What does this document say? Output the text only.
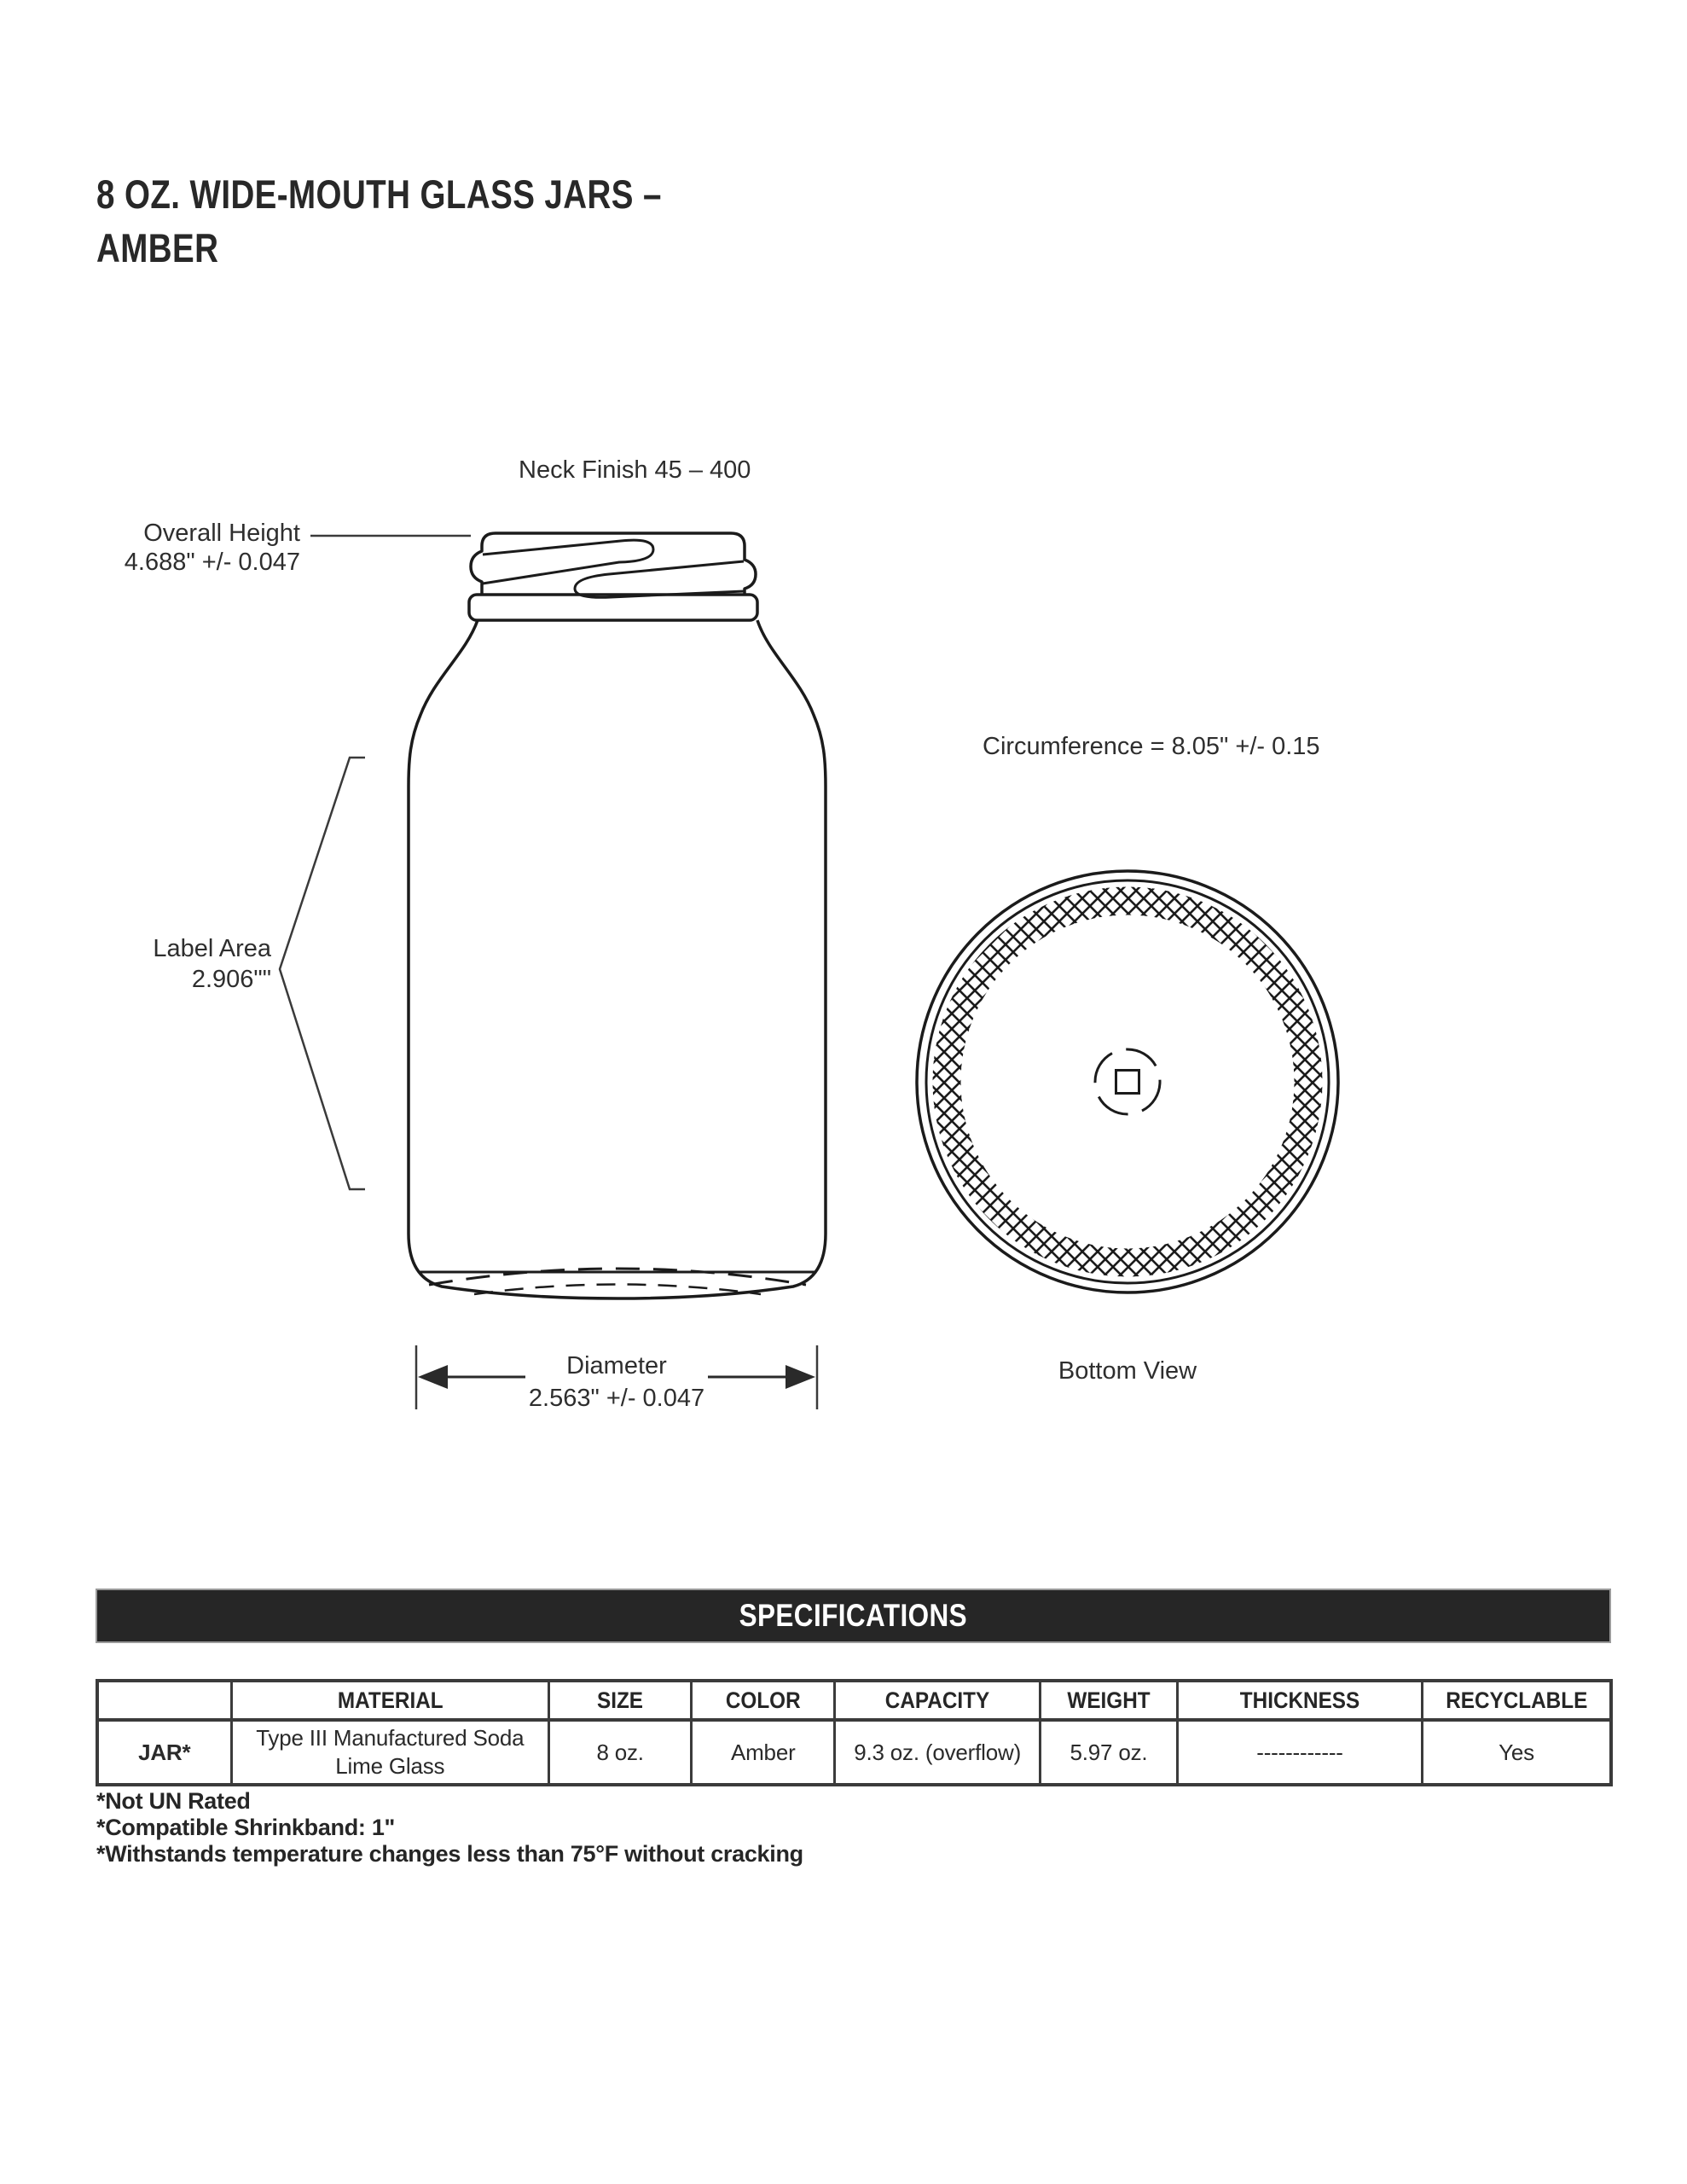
8 OZ. WIDE-MOUTH GLASS JARS –
AMBER
Neck Finish 45 – 400
Overall Height
4.688" +/- 0.047
Label Area
2.906""
Circumference = 8.05" +/- 0.15
Diameter
2.563" +/- 0.047
Bottom View
SPECIFICATIONS
	MATERIAL	SIZE	COLOR	CAPACITY	WEIGHT	THICKNESS	RECYCLABLE
JAR*	Type III Manufactured Soda Lime Glass	8 oz.	Amber	9.3 oz. (overflow)	5.97 oz.	------------	Yes
*Not UN Rated
*Compatible Shrinkband: 1"
*Withstands temperature changes less than 75°F without cracking
